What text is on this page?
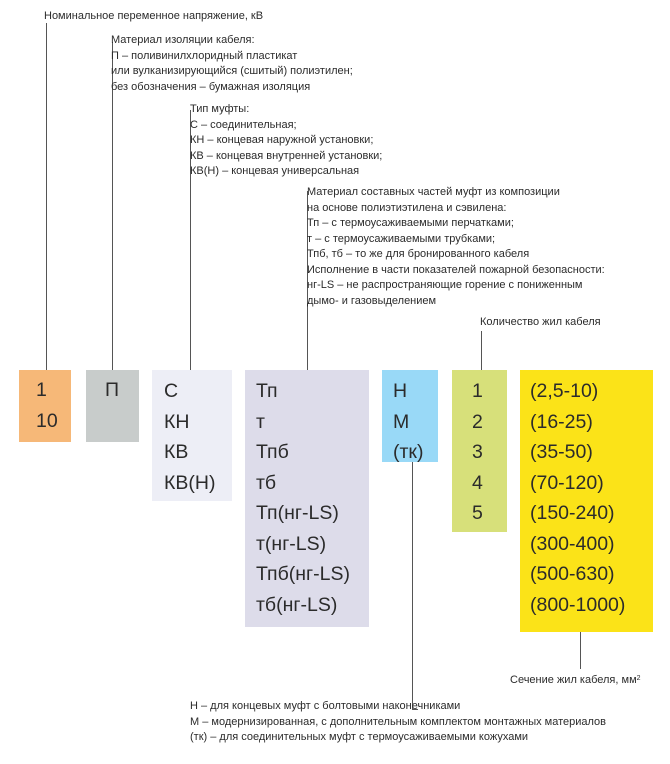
Номинальное переменное напряжение, кВ
Материал изоляции кабеля:
П – поливинилхлоридный пластикат
или вулканизирующийся (сшитый) полиэтилен;
без обозначения – бумажная изоляция
Тип муфты:
С – соединительная;
КН – концевая наружной установки;
КВ – концевая внутренней установки;
КВ(Н) – концевая универсальная
Материал составных частей муфт из композиции
на основе полиэтиэтилена и сэвилена:
Тп – с термоусаживаемыми перчатками;
т – с термоусаживаемыми трубками;
Тпб, тб – то же для бронированного кабеля
Исполнение в части показателей пожарной безопасности:
нг-LS – не распространяющие горение с пониженным
дымо- и газовыделением
Количество жил кабеля
Сечение жил кабеля, $мм^2$
Н – для концевых муфт с болтовыми наконечниками
М – модернизированная, с дополнительным комплектом монтажных материалов
(тк) – для соединительных муфт с термоусаживаемыми кожухами
1
10
П	С
КН
КВ
КВ(Н)
Тп
т
Тпб
тб
Тп(нг-LS)
т(нг-LS)
Тпб(нг-LS)
тб(нг-LS)
Н
М
(тк)
1
2
3
4
5
(2,5-10)
(16-25)
(35-50)
(70-120)
(150-240)
(300-400)
(500-630)
(800-1000)
